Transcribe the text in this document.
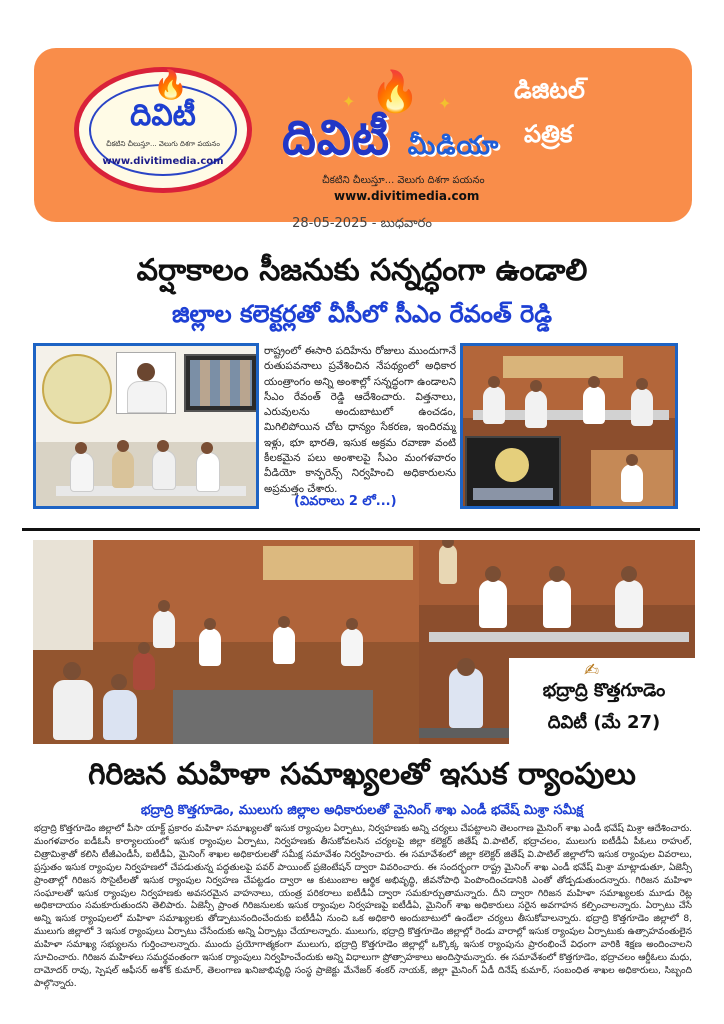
🔥
దివిటీ
చీకటిని చీలుస్తూ... వెలుగు దిశగా పయనం
www.divitimedia.com
🔥
✦	✦
దివిటీ మీడియా
చీకటిని చీలుస్తూ... వెలుగు దిశగా పయనం
www.divitimedia.com
డిజిటల్
పత్రిక
28-05-2025 - బుధవారం
వర్షాకాలం సీజనుకు సన్నద్ధంగా ఉండాలి
జిల్లాల కలెక్టర్లతో వీసీలో సీఎం రేవంత్ రెడ్డి
రాష్ట్రంలో ఈసారి పదిహేను రోజులు ముందుగానే రుతుపవనాలు ప్రవేశించిన నేపథ్యంలో అధికార యంత్రాంగం అన్ని అంశాల్లో సన్నద్ధంగా ఉండాలని సీఎం రేవంత్ రెడ్డి ఆదేశించారు. విత్తనాలు, ఎరువులను అందుబాటులో ఉంచడం, మిగిలిపోయిన చోట ధాన్యం సేకరణ, ఇందిరమ్మ ఇళ్లు, భూ భారతి, ఇసుక అక్రమ రవాణా వంటి కీలకమైన పలు అంశాలపై సీఎం మంగళవారం వీడియో కాన్ఫరెన్స్ నిర్వహించి అధికారులను అప్రమత్తం చేశారు.
(వివరాలు 2 లో...)
✍
భద్రాద్రి కొత్తగూడెం
దివిటీ (మే 27)
గిరిజన మహిళా సమాఖ్యలతో ఇసుక ర్యాంపులు
భద్రాద్రి కొత్తగూడెం, ములుగు జిల్లాల అధికారులతో మైనింగ్ శాఖ ఎండీ భవేష్ మిశ్రా సమీక్ష
భద్రాద్రి కొత్తగూడెం జిల్లాలో పీసా యాక్ట్ ప్రకారం మహిళా సమాఖ్యలతో ఇసుక ర్యాంపుల ఏర్పాటు, నిర్వహణకు అన్ని చర్యలు చేపట్టాలని తెలంగాణ మైనింగ్ శాఖ ఎండీ భవేష్ మిశ్రా ఆదేశించారు. మంగళవారం ఐడీఓసీ కార్యాలయంలో ఇసుక ర్యాంపుల ఏర్పాటు, నిర్వహణకు తీసుకోవలసిన చర్యలపై జిల్లా కలెక్టర్ జితేష్ వి.పాటిల్, భద్రాచలం, ములుగు ఐటీడీఏ పీఓలు రాహుల్, చిత్రామిశ్రాతో కలిసి టీజీఎండీసీ, ఐటీడీఏ, మైనింగ్ శాఖల అధికారులతో సమీక్ష సమావేశం నిర్వహించారు. ఈ సమావేశంలో జిల్లా కలెక్టర్ జితేష్ వి.పాటిల్ జిల్లాలోని ఇసుక ర్యాంపుల వివరాలు, ప్రస్తుతం ఇసుక ర్యాంపుల నిర్వహణలో చేపడుతున్న పద్ధతులపై పవర్ పాయింట్ ప్రజెంటేషన్ ద్వారా వివరించారు. ఈ సందర్భంగా రాష్ట్ర మైనింగ్ శాఖ ఎండీ భవేష్ మిశ్రా మాట్లాడుతూ, ఏజెన్సీ ప్రాంతాల్లో గిరిజన సొసైటీలతో ఇసుక ర్యాంపుల నిర్వహణ చేపట్టడం ద్వారా ఆ కుటుంబాల ఆర్థిక అభివృద్ధి, జీవనోపాధి పెంపొందించడానికి ఎంతో తోడ్పడుతుందన్నారు. గిరిజన మహిళా సంఘాలతో ఇసుక ర్యాంపుల నిర్వహణకు అవసరమైన వాహనాలు, యంత్ర పరికరాలు ఐటీడీఏ ద్వారా సమకూర్చుతామన్నారు. దీని ద్వారా గిరిజన మహిళా సమాఖ్యలకు మూడు రెట్ల అధికాదాయం సమకూరుతుందని తెలిపారు. ఏజెన్సీ ప్రాంత గిరిజనులకు ఇసుక ర్యాంపుల నిర్వహణపై ఐటీడీఏ, మైనింగ్ శాఖ అధికారులు సరైన అవగాహన కల్పించాలన్నారు. ఏర్పాటు చేసే అన్ని ఇసుక ర్యాంపులలో మహిళా సమాఖ్యలకు తోడ్పాటునందించేందుకు ఐటీడీఏ నుంచి ఒక అధికారి అందుబాటులో ఉండేలా చర్యలు తీసుకోవాలన్నారు. భద్రాద్రి కొత్తగూడెం జిల్లాలో 8, ములుగు జిల్లాలో 3 ఇసుక ర్యాంపులు ఏర్పాటు చేసేందుకు అన్ని ఏర్పాట్లు చేయాలన్నారు. ములుగు, భద్రాద్రి కొత్తగూడెం జిల్లాల్లో రెండు వారాల్లో ఇసుక ర్యాంపుల ఏర్పాటుకు ఉత్సాహవంతులైన మహిళా సమాఖ్య సభ్యులను గుర్తించాలన్నారు. ముందు ప్రయోగాత్మకంగా ములుగు, భద్రాద్రి కొత్తగూడెం జిల్లాల్లో ఒక్కొక్క ఇసుక ర్యాంపును ప్రారంభించే విధంగా వారికి శిక్షణ అందించాలని సూచించారు. గిరిజన మహిళలు సమర్థవంతంగా ఇసుక ర్యాంపులు నిర్వహించేందుకు అన్ని విధాలుగా ప్రోత్సాహకాలు అందిస్తామన్నారు. ఈ సమావేశంలో కొత్తగూడెం, భద్రాచలం ఆర్డీఓలు మధు, దామోదర్ రావు, స్పెషల్ ఆఫీసర్ అశోక్ కుమార్, తెలంగాణ ఖనిజాభివృద్ధి సంస్థ ప్రాజెక్టు మేనేజర్ శంకర్ నాయక్, జిల్లా మైనింగ్ ఏడీ దినేష్ కుమార్, సంబంధిత శాఖల అధికారులు, సిబ్బంది పాల్గొన్నారు.
